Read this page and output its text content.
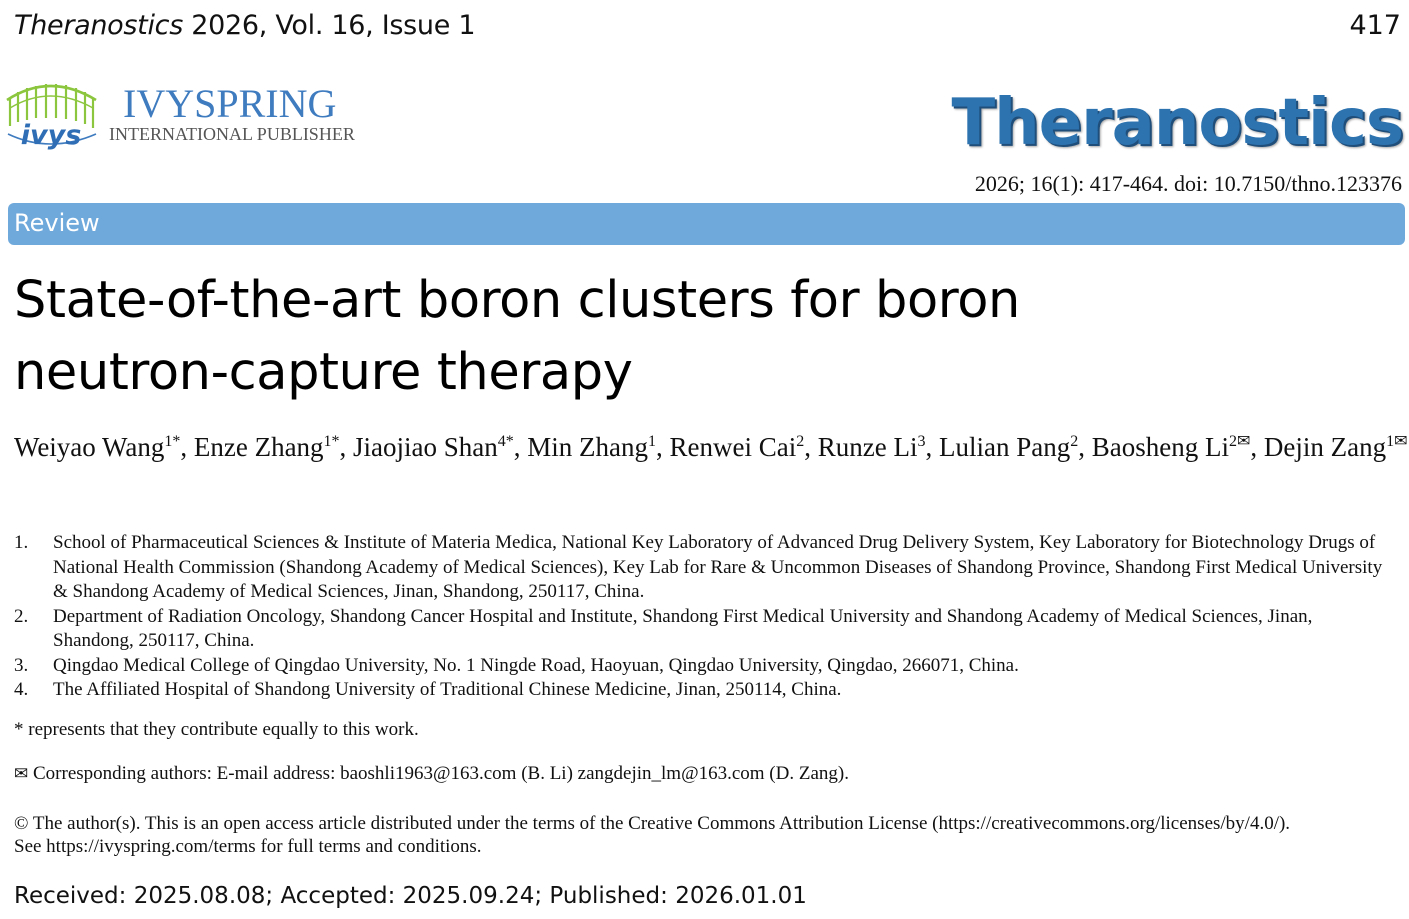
Theranostics 2026, Vol. 16, Issue 1	417
ivys
IVYSPRING
INTERNATIONAL PUBLISHER	Theranostics
2026; 16(1): 417-464. doi: 10.7150/thno.123376
Review
State-of-the-art boron clusters for boron
neutron-capture therapy
Weiyao Wang$^{1*}$, Enze Zhang$^{1*}$, Jiaojiao Shan$^{4*}$, Min Zhang$^1$, Renwei Cai$^2$, Runze Li$^3$, Lulian Pang$^2$, Baosheng $Li^{2✉}$, Dejin Zang$^{1✉}$
1. School of Pharmaceutical Sciences & Institute of Materia Medica, National Key Laboratory of Advanced Drug Delivery System, Key Laboratory for Biotechnology Drugs of National Health Commission (Shandong Academy of Medical Sciences), Key Lab for Rare & Uncommon Diseases of Shandong Province, Shandong First Medical University & Shandong Academy of Medical Sciences, Jinan, Shandong, 250117, China.
2. Department of Radiation Oncology, Shandong Cancer Hospital and Institute, Shandong First Medical University and Shandong Academy of Medical Sciences, Jinan, Shandong, 250117, China.
3. Qingdao Medical College of Qingdao University, No. 1 Ningde Road, Haoyuan, Qingdao University, Qingdao, 266071, China.
4. The Affiliated Hospital of Shandong University of Traditional Chinese Medicine, Jinan, 250114, China.
* represents that they contribute equally to this work.
✉ Corresponding authors: E-mail address: baoshli1963@163.com (B. Li) zangdejin_lm@163.com (D. Zang).
© The author(s). This is an open access article distributed under the terms of the Creative Commons Attribution License (https://creativecommons.org/licenses/by/4.0/).
See https://ivyspring.com/terms for full terms and conditions.
Received: 2025.08.08; Accepted: 2025.09.24; Published: 2026.01.01
